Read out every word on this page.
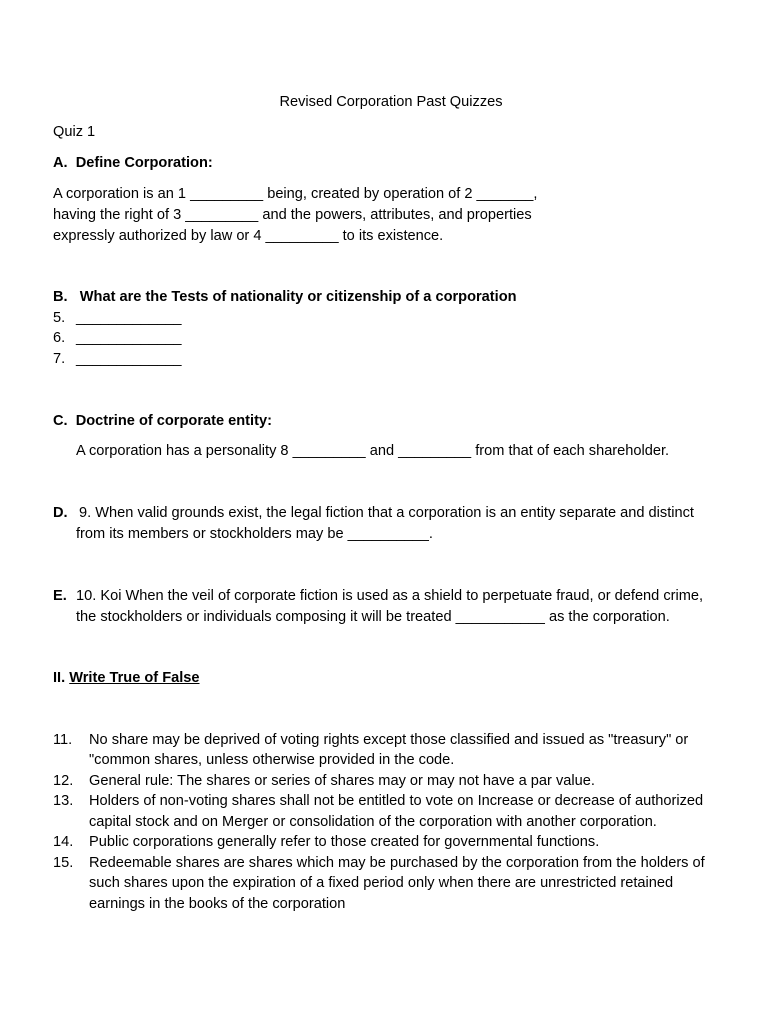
Revised Corporation Past Quizzes
Quiz 1
A.  Define Corporation:
A corporation is an 1 _________ being, created by operation of 2 _______,
having the right of 3 _________ and the powers, attributes, and properties
expressly authorized by law or 4 _________ to its existence.
B.   What are the Tests of nationality or citizenship of a corporation
5. _____________
6. _____________
7. _____________
C.  Doctrine of corporate entity:
A corporation has a personality 8 _________ and _________ from that of each shareholder.
D. 9. When valid grounds exist, the legal fiction that a corporation is an entity separate and distinct
from its members or stockholders may be __________.
E. 10. Koi When the veil of corporate fiction is used as a shield to perpetuate fraud, or defend crime,
the stockholders or individuals composing it will be treated ___________ as the corporation.
II. Write True of False
11. No share may be deprived of voting rights except those classified and issued as "treasury" or
"common shares, unless otherwise provided in the code.
12. General rule: The shares or series of shares may or may not have a par value.
13. Holders of non-voting shares shall not be entitled to vote on Increase or decrease of authorized
capital stock and on Merger or consolidation of the corporation with another corporation.
14. Public corporations generally refer to those created for governmental functions.
15. Redeemable shares are shares which may be purchased by the corporation from the holders of
such shares upon the expiration of a fixed period only when there are unrestricted retained
earnings in the books of the corporation
